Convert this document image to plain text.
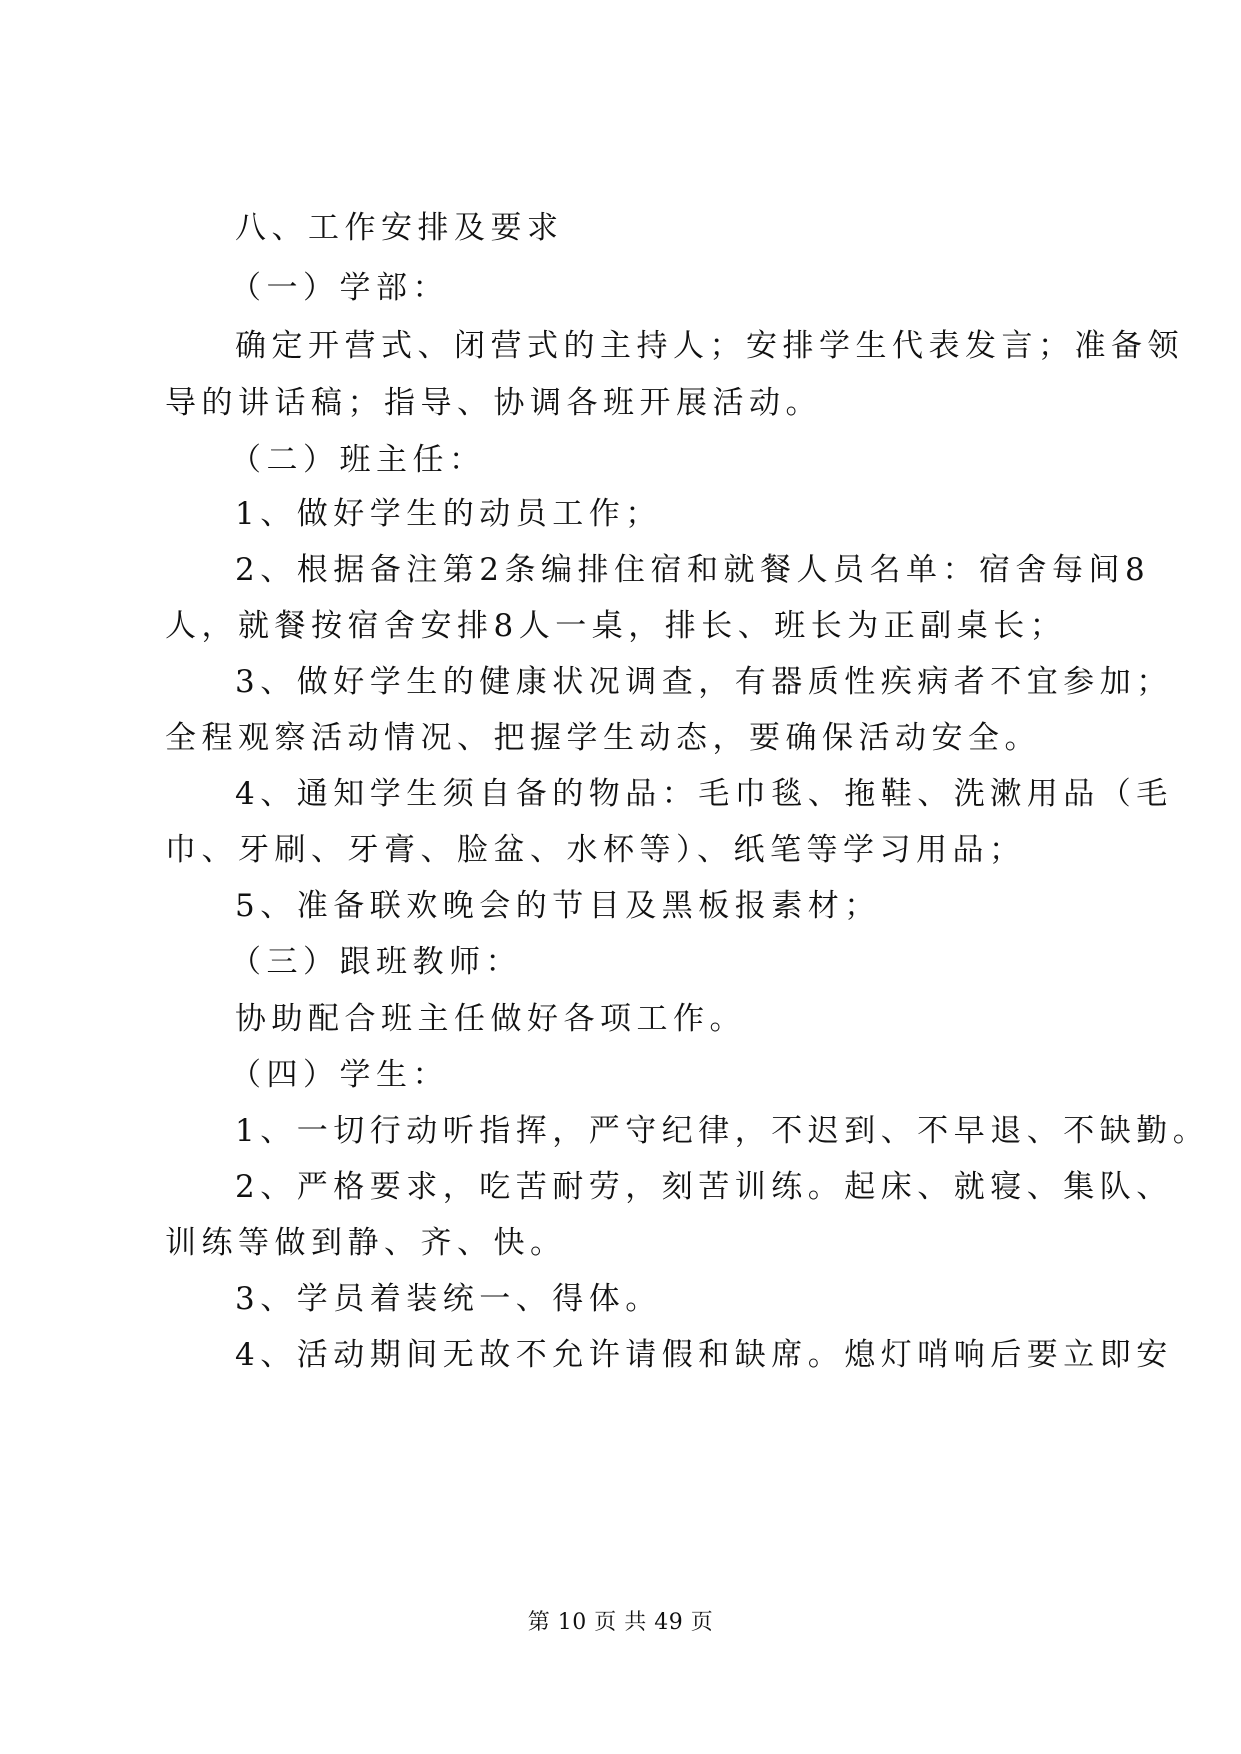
八、工作安排及要求
（一）学部：
确定开营式、闭营式的主持人；安排学生代表发言；准备领
导的讲话稿；指导、协调各班开展活动。
（二）班主任：
1、做好学生的动员工作；
2、根据备注第2条编排住宿和就餐人员名单：宿舍每间8
人，就餐按宿舍安排8人一桌，排长、班长为正副桌长；
3、做好学生的健康状况调查，有器质性疾病者不宜参加；
全程观察活动情况、把握学生动态，要确保活动安全。
4、通知学生须自备的物品：毛巾毯、拖鞋、洗漱用品（毛
巾、牙刷、牙膏、脸盆、水杯等）、纸笔等学习用品；
5、准备联欢晚会的节目及黑板报素材；
（三）跟班教师：
协助配合班主任做好各项工作。
（四）学生：
1、一切行动听指挥，严守纪律，不迟到、不早退、不缺勤。
2、严格要求，吃苦耐劳，刻苦训练。起床、就寝、集队、
训练等做到静、齐、快。
3、学员着装统一、得体。
4、活动期间无故不允许请假和缺席。熄灯哨响后要立即安
第 10 页 共 49 页
